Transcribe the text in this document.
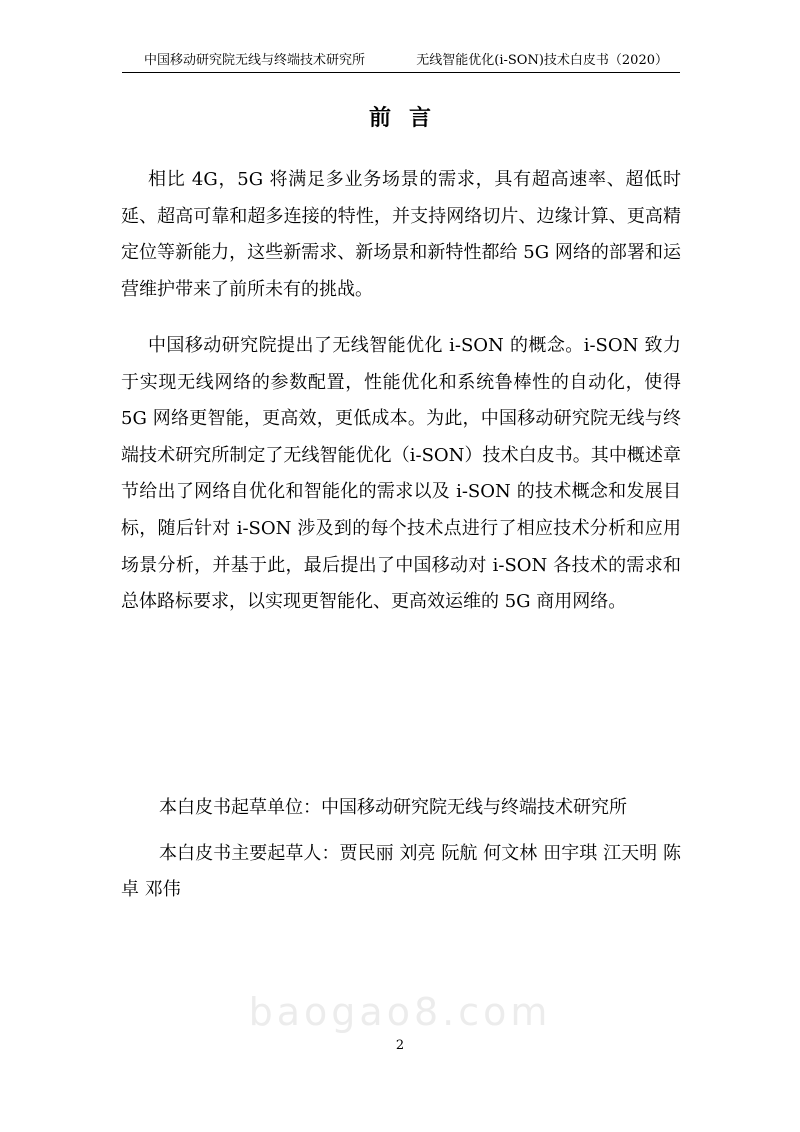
中国移动研究院无线与终端技术研究所	无线智能优化(i-SON)技术白皮书（2020）
前言

相比 4G，5G 将满足多业务场景的需求，具有超高速率、超低时延、超高可靠和超多连接的特性，并支持网络切片、边缘计算、更高精定位等新能力，这些新需求、新场景和新特性都给 5G 网络的部署和运营维护带来了前所未有的挑战。

中国移动研究院提出了无线智能优化 i-SON 的概念。i-SON 致力于实现无线网络的参数配置，性能优化和系统鲁棒性的自动化，使得 5G 网络更智能，更高效，更低成本。为此，中国移动研究院无线与终端技术研究所制定了无线智能优化（i-SON）技术白皮书。其中概述章节给出了网络自优化和智能化的需求以及 i-SON 的技术概念和发展目标，随后针对 i-SON 涉及到的每个技术点进行了相应技术分析和应用场景分析，并基于此，最后提出了中国移动对 i-SON 各技术的需求和总体路标要求，以实现更智能化、更高效运维的 5G 商用网络。

本白皮书起草单位：中国移动研究院无线与终端技术研究所

本白皮书主要起草人：贾民丽 刘亮 阮航 何文林 田宇琪 江天明 陈卓 邓伟

baogao8.com
2
